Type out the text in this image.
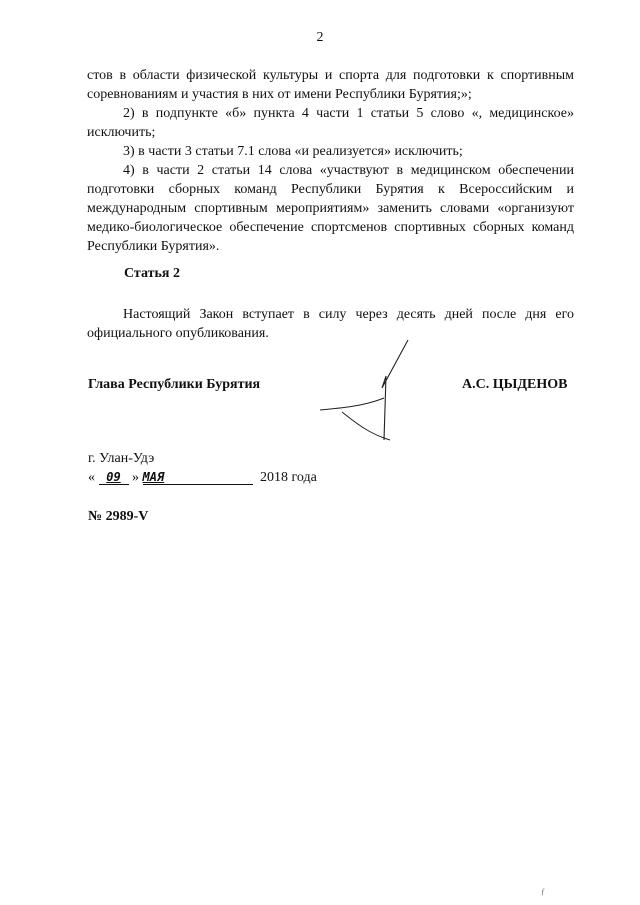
2

стов в области физической культуры и спорта для подготовки к спортивным соревнованиям и участия в них от имени Республики Бурятия;»;

2) в подпункте «б» пункта 4 части 1 статьи 5 слово «, медицинское» исключить;

3) в части 3 статьи 7.1 слова «и реализуется» исключить;

4) в части 2 статьи 14 слова «участвуют в медицинском обеспечении подготовки сборных команд Республики Бурятия к Всероссийским и международным спортивным мероприятиям» заменить словами «организуют медико-биологическое обеспечение спортсменов спортивных сборных команд Республики Бурятия».

Статья 2

Настоящий Закон вступает в силу через десять дней после дня его официального опубликования.

Глава Республики Бурятия	А.С. ЦЫДЕНОВ
г. Улан-Удэ
« 09 » МАЯ	2018 года
№ 2989-V
ƒ
